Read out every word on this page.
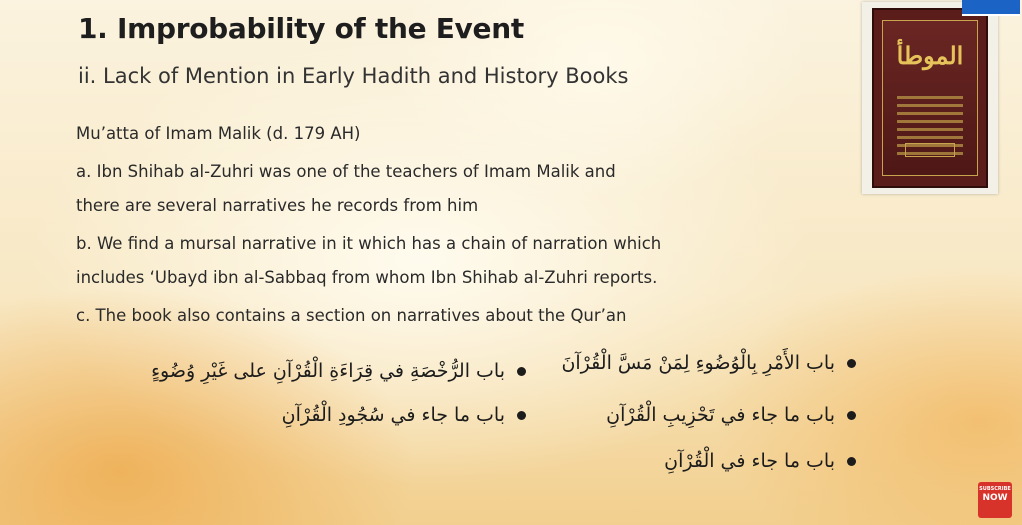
1. Improbability of the Event
ii. Lack of Mention in Early Hadith and History Books
Mu’atta of Imam Malik (d. 179 AH)
a. Ibn Shihab al-Zuhri was one of the teachers of Imam Malik and
there are several narratives he records from him
b. We find a mursal narrative in it which has a chain of narration which
includes ‘Ubayd ibn al-Sabbaq from whom Ibn Shihab al-Zuhri reports.
c. The book also contains a section on narratives about the Qur’an
باب الأَمْرِ بِالْوُضُوءِ لِمَنْ مَسَّ الْقُرْآنَ
باب ما جاء في تَحْزِيبِ الْقُرْآنِ
باب ما جاء في الْقُرْآنِ
باب الرُّخْصَةِ في قِرَاءَةِ الْقُرْآنِ على غَيْرِ وُضُوءٍ
باب ما جاء في سُجُودِ الْقُرْآنِ
الموطأ
SUBSCRIBE
NOW
